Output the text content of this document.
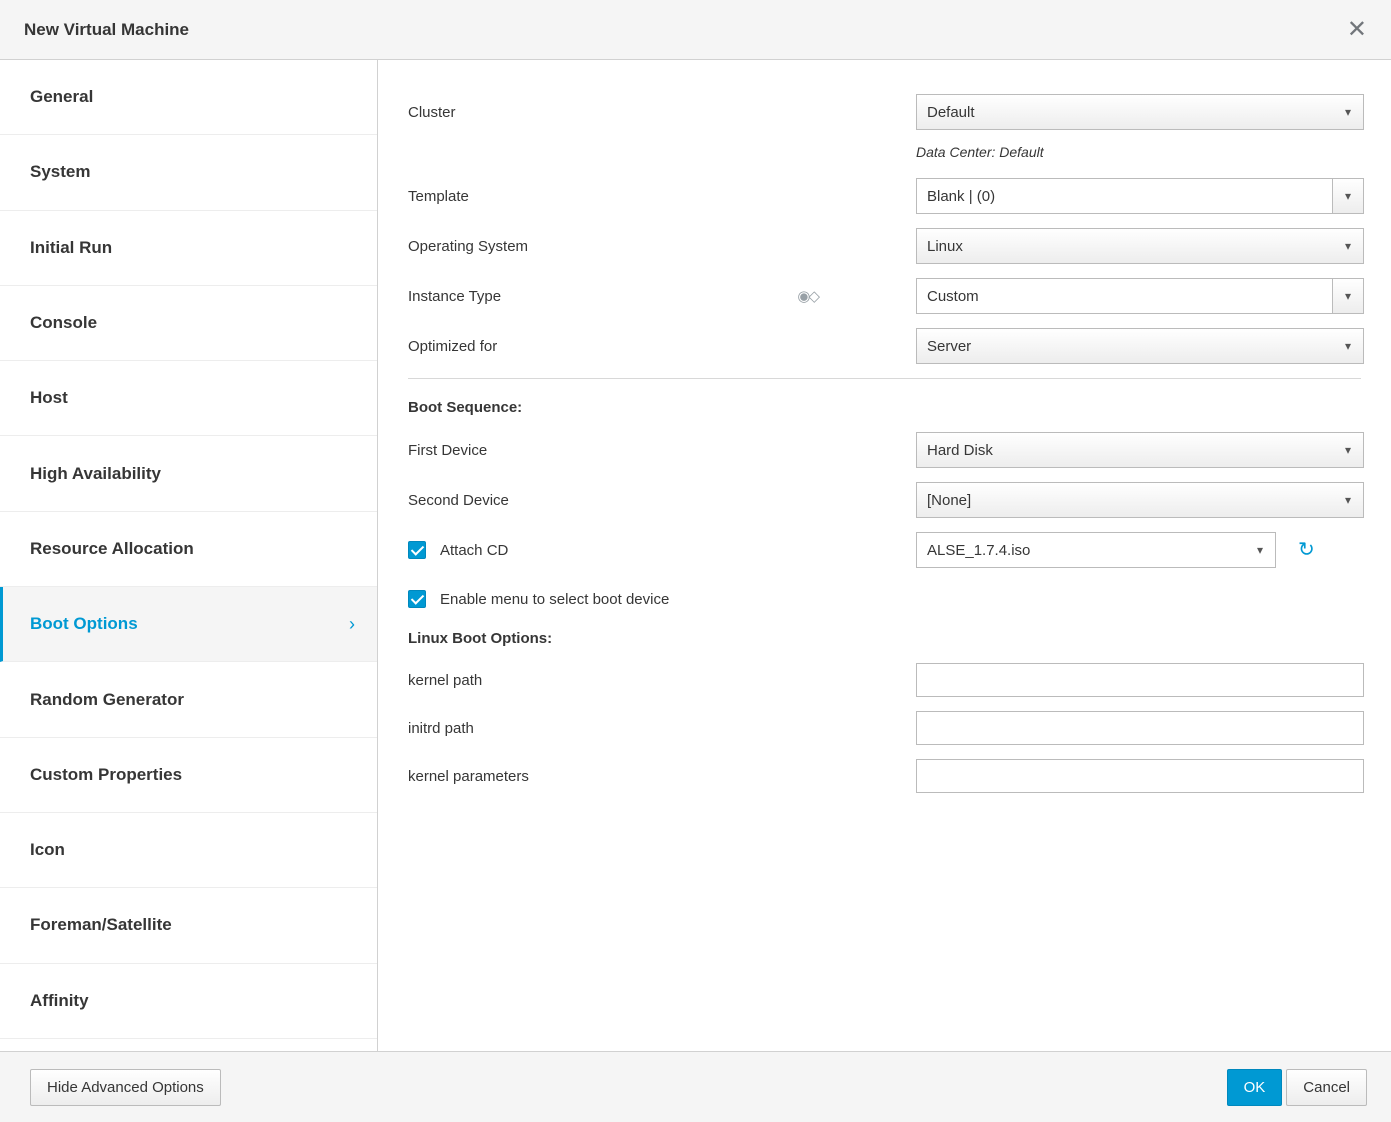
New Virtual Machine	✕
General
System
Initial Run
Console
Host
High Availability
Resource Allocation
Boot Options	›
Random Generator
Custom Properties
Icon
Foreman/Satellite
Affinity
Cluster	Default	▾
Data Center: Default
Template	Blank | (0)	▾
Operating System	Linux	▾
Instance Type	◉◇	Custom	▾
Optimized for	Server	▾
Boot Sequence:
First Device	Hard Disk	▾
Second Device	[None]	▾
Attach CD	ALSE_1.7.4.iso	▾	↻
Enable menu to select boot device
Linux Boot Options:
kernel path
initrd path
kernel parameters
Hide Advanced Options	OK	Cancel
